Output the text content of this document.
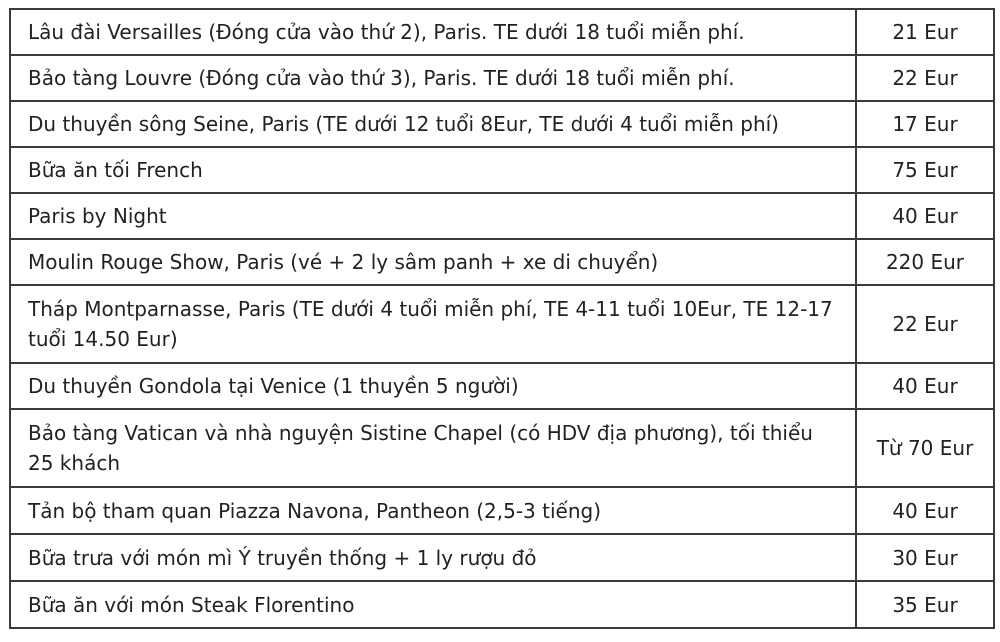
Lâu đài Versailles (Đóng cửa vào thứ 2), Paris. TE dưới 18 tuổi miễn phí.	21 Eur
Bảo tàng Louvre (Đóng cửa vào thứ 3), Paris. TE dưới 18 tuổi miễn phí.	22 Eur
Du thuyền sông Seine, Paris (TE dưới 12 tuổi 8Eur, TE dưới 4 tuổi miễn phí)	17 Eur
Bữa ăn tối French	75 Eur
Paris by Night	40 Eur
Moulin Rouge Show, Paris (vé + 2 ly sâm panh + xe di chuyển)	220 Eur
Tháp Montparnasse, Paris (TE dưới 4 tuổi miễn phí, TE 4-11 tuổi 10Eur, TE 12-17 tuổi 14.50 Eur)	22 Eur
Du thuyền Gondola tại Venice (1 thuyền 5 người)	40 Eur
Bảo tàng Vatican và nhà nguyện Sistine Chapel (có HDV địa phương), tối thiểu 25 khách	Từ 70 Eur
Tản bộ tham quan Piazza Navona, Pantheon (2,5-3 tiếng)	40 Eur
Bữa trưa với món mì Ý truyền thống + 1 ly rượu đỏ	30 Eur
Bữa ăn với món Steak Florentino	35 Eur
